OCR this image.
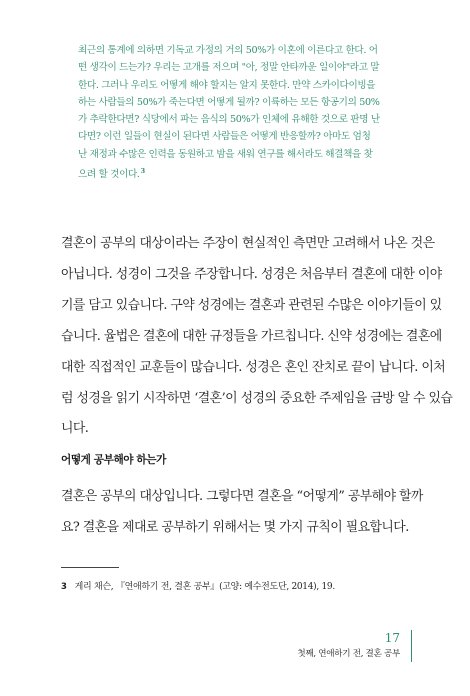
최근의 통계에 의하면 기독교 가정의 거의 50%가 이혼에 이른다고 한다. 어
떤 생각이 드는가? 우리는 고개를 저으며 "아, 정말 안타까운 일이야"라고 말
한다. 그러나 우리도 어떻게 해야 할지는 알지 못한다. 만약 스카이다이빙을
하는 사람들의 50%가 죽는다면 어떻게 될까? 이륙하는 모든 항공기의 50%
가 추락한다면? 식당에서 파는 음식의 50%가 인체에 유해한 것으로 판명 난
다면? 이런 일들이 현실이 된다면 사람들은 어떻게 반응할까? 아마도 엄청
난 재정과 수많은 인력을 동원하고 밤을 새워 연구를 해서라도 해결책을 찾
으려 할 것이다.$^3$
결혼이 공부의 대상이라는 주장이 현실적인 측면만 고려해서 나온 것은
아닙니다. 성경이 그것을 주장합니다. 성경은 처음부터 결혼에 대한 이야
기를 담고 있습니다. 구약 성경에는 결혼과 관련된 수많은 이야기들이 있
습니다. 율법은 결혼에 대한 규정들을 가르칩니다. 신약 성경에는 결혼에
대한 직접적인 교훈들이 많습니다. 성경은 혼인 잔치로 끝이 납니다. 이처
럼 성경을 읽기 시작하면 ‘결혼’이 성경의 중요한 주제임을 금방 알 수 있습
니다.
어떻게 공부해야 하는가
결혼은 공부의 대상입니다. 그렇다면 결혼을 “어떻게” 공부해야 할까
요? 결혼을 제대로 공부하기 위해서는 몇 가지 규칙이 필요합니다.

3 게리 채슨, 『연애하기 전, 결혼 공부』(고양: 예수전도단, 2014), 19.

17
첫째, 연애하기 전, 결혼 공부
